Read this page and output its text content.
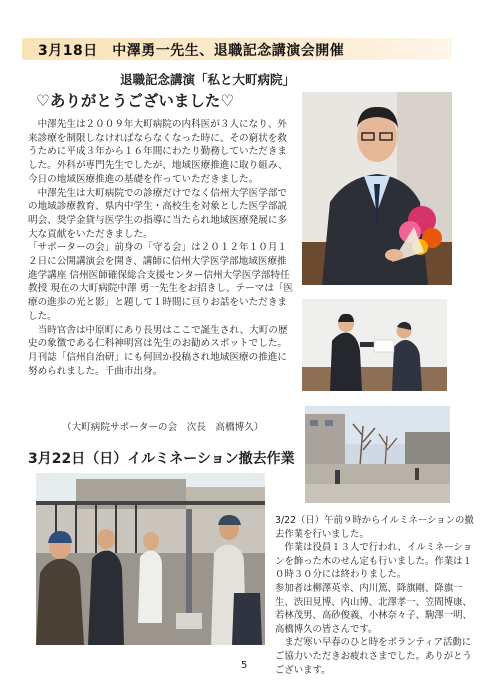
3月18日　中澤勇一先生、退職記念講演会開催
退職記念講演「私と大町病院」
♡ありがとうございました♡

中澤先生は２００９年大町病院の内科医が３人になり、外来診療を制限しなければならなくなった時に、その窮状を救うために平成３年から１６年間にわたり勤務していただきました。外科が専門先生でしたが、地域医療推進に取り組み、今日の地域医療推進の基礎を作っていただきました。

中澤先生は大町病院での診療だけでなく信州大学医学部での地域診療教育、県内中学生・高校生を対象とした医学部説明会、奨学金貸与医学生の指導に当たられ地域医療発展に多大な貢献をいただきました。

「サポーターの会」前身の「守る会」は２０１２年１０月１２日に公開講演会を開き、講師に信州大学医学部地域医療推進学講座 信州医師確保総合支援センター信州大学医学部特任教授 現在の大町病院中澤 勇一先生をお招きし、テーマは「医療の進歩の光と影」と題して１時間に亘りお話をいただきました。

当時官舎は中原町にあり長男はここで誕生され、大町の歴史の象徴である仁科神明宮は先生のお勧めスポットでした。月刊誌「信州自治研」にも何回か投稿され地域医療の推進に努められました。千曲市出身。

（大町病院サポーターの会　次長　高橋博久）
3月22日（日）イルミネーション撤去作業

3/22（日）午前９時からイルミネーションの撤去作業を行いました。

作業は役員１３人で行われ、イルミネーションを飾った木のせん定も行いました。作業は１０時３０分には終わりました。

参加者は柳澤英幸、内川篤、降旗剛、降旗一生、渋田見博、内山博、北澤孝一、笠間博康、若林茂男、高砂俊義、小林奈々子、駒澤一明、高橋博久の皆さんです。

まだ寒い早春のひと時をボランティア活動にご協力いただきお疲れさまでした。ありがとうございます。

5
